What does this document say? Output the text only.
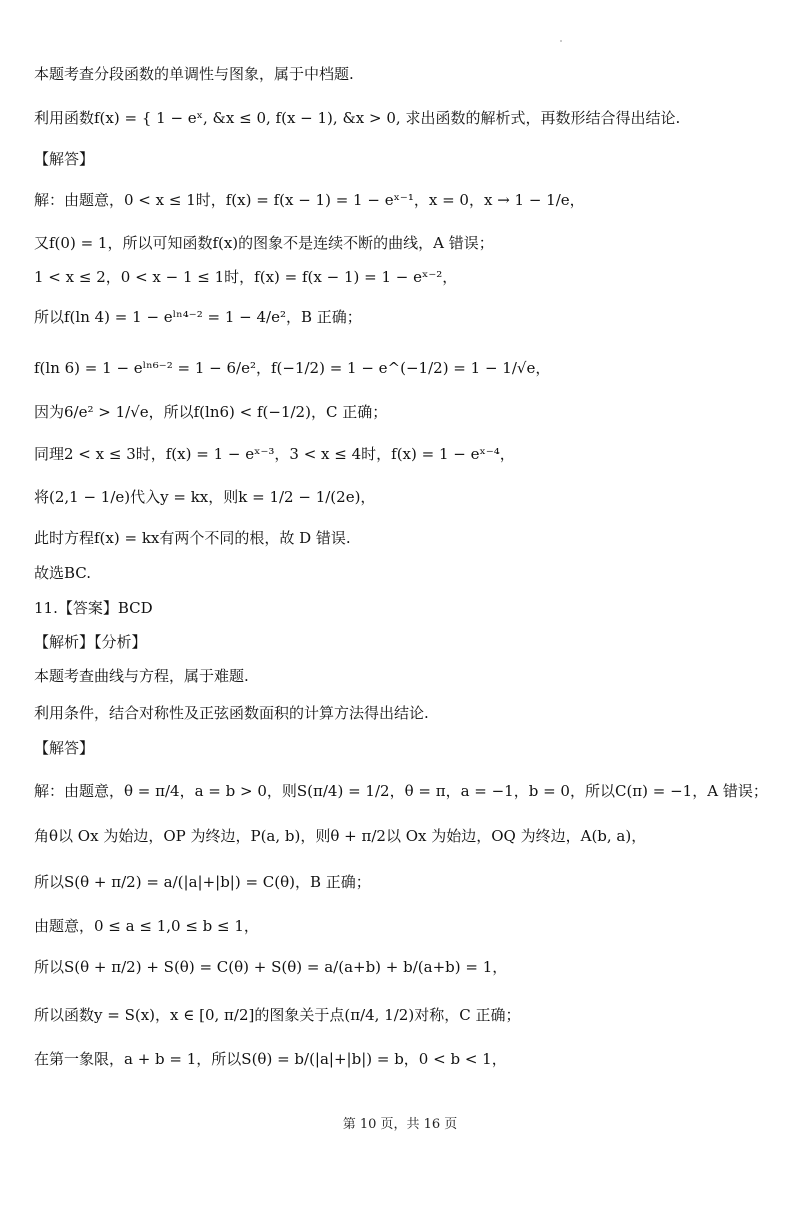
本题考查分段函数的单调性与图象，属于中档题.
利用函数f(x) = { 1 − eˣ, &x ≤ 0, f(x − 1), &x > 0, 求出函数的解析式，再数形结合得出结论.
【解答】
解：由题意，0 < x ≤ 1时，f(x) = f(x − 1) = 1 − eˣ⁻¹，x = 0，x → 1 − 1/e，
又f(0) = 1，所以可知函数f(x)的图象不是连续不断的曲线，A 错误；
1 < x ≤ 2，0 < x − 1 ≤ 1时，f(x) = f(x − 1) = 1 − eˣ⁻²，
所以f(ln 4) = 1 − eˡⁿ⁴⁻² = 1 − 4/e²，B 正确；
f(ln 6) = 1 − eˡⁿ⁶⁻² = 1 − 6/e²，f(−1/2) = 1 − e^(−1/2) = 1 − 1/√e，
因为6/e² > 1/√e，所以f(ln6) < f(−1/2)，C 正确；
同理2 < x ≤ 3时，f(x) = 1 − eˣ⁻³，3 < x ≤ 4时，f(x) = 1 − eˣ⁻⁴，
将(2,1 − 1/e)代入y = kx，则k = 1/2 − 1/(2e)，
此时方程f(x) = kx有两个不同的根，故 D 错误.
故选BC.
11.【答案】BCD
【解析】【分析】
本题考查曲线与方程，属于难题.
利用条件，结合对称性及正弦函数面积的计算方法得出结论.
【解答】
解：由题意，θ = π/4，a = b > 0，则S(π/4) = 1/2，θ = π，a = −1，b = 0，所以C(π) = −1，A 错误；
角θ以 Ox 为始边，OP 为终边，P(a, b)，则θ + π/2以 Ox 为始边，OQ 为终边，A(b, a)，
所以S(θ + π/2) = a/(|a|+|b|) = C(θ)，B 正确；
由题意，0 ≤ a ≤ 1,0 ≤ b ≤ 1，
所以S(θ + π/2) + S(θ) = C(θ) + S(θ) = a/(a+b) + b/(a+b) = 1，
所以函数y = S(x)，x ∈ [0, π/2]的图象关于点(π/4, 1/2)对称，C 正确；
在第一象限，a + b = 1，所以S(θ) = b/(|a|+|b|) = b，0 < b < 1，
第 10 页，共 16 页
